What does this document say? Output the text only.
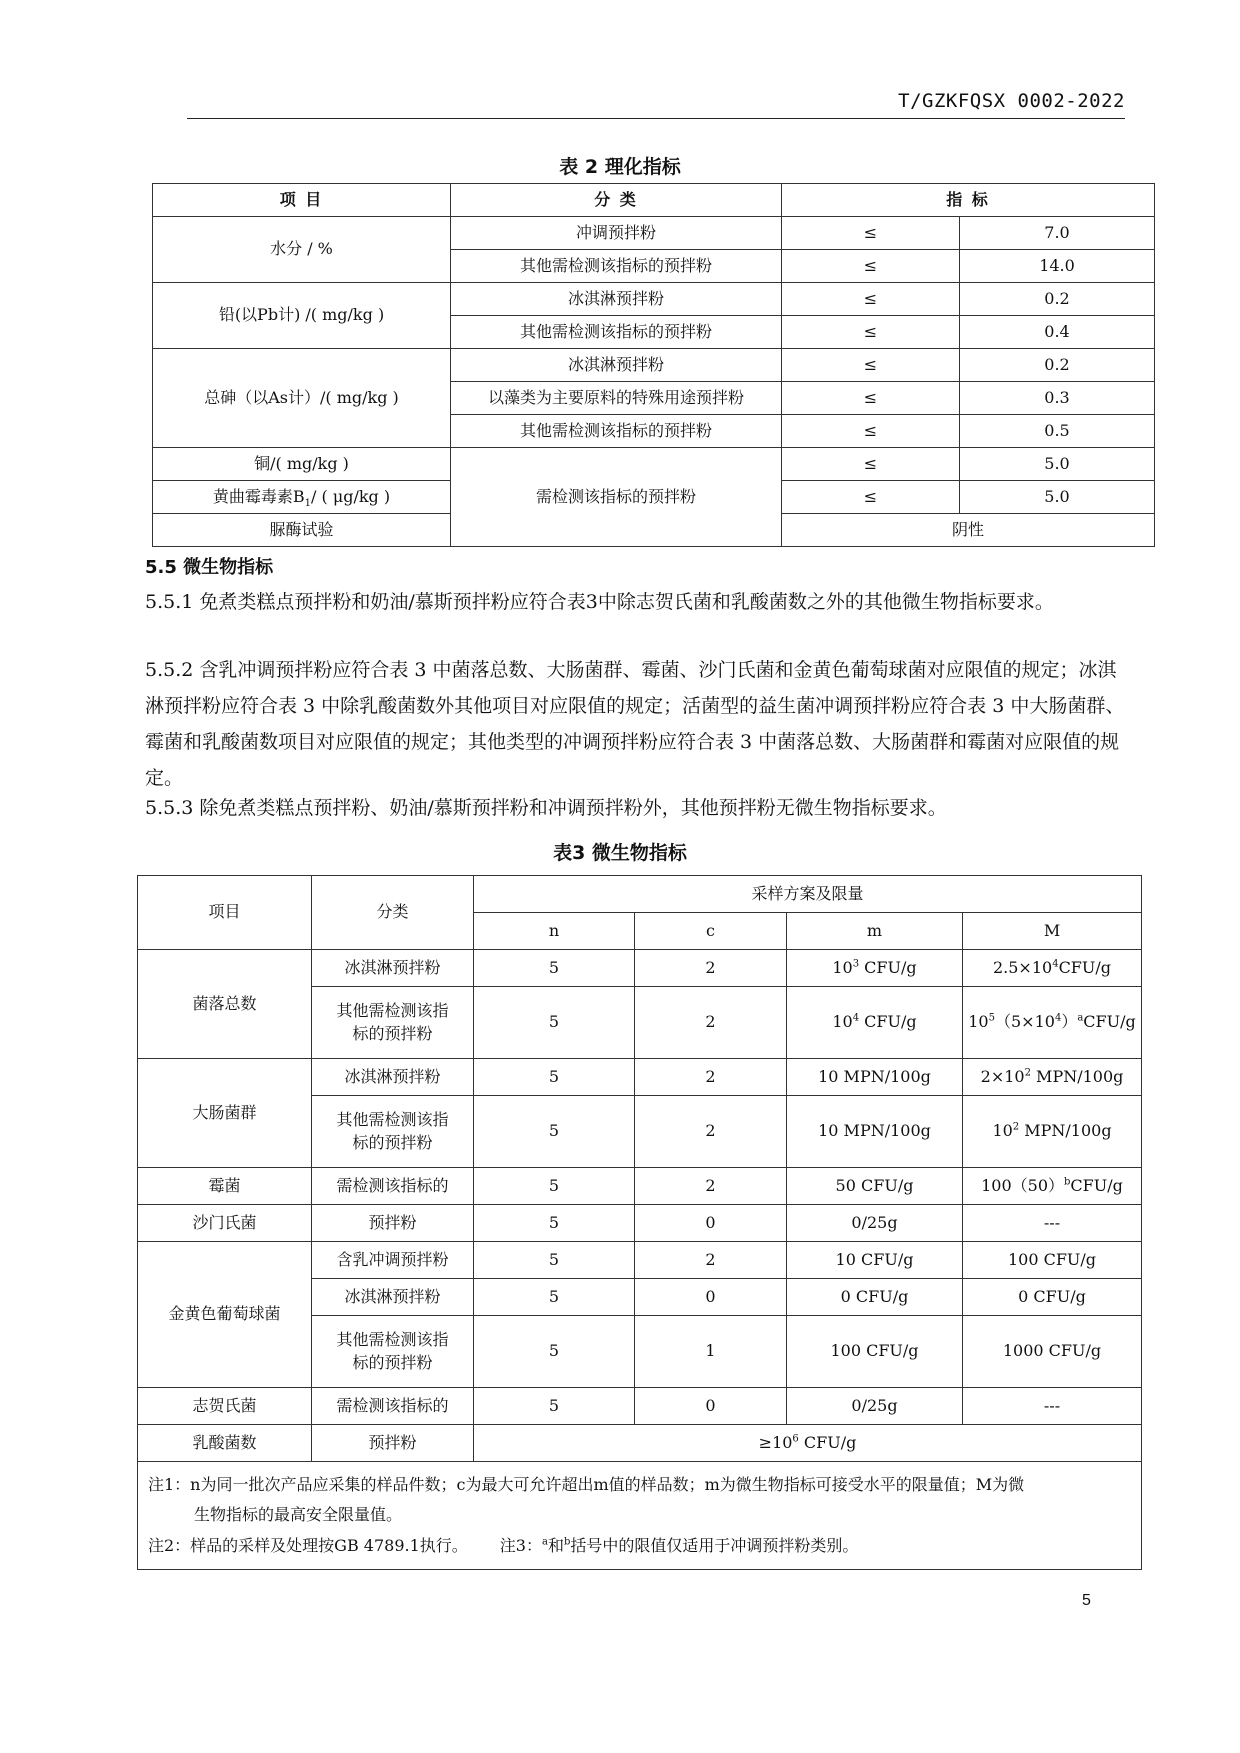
T/GZKFQSX 0002-2022
表 2 理化指标
项 目	分 类	指 标	
水分 / %	冲调预拌粉	≤	7.0
	其他需检测该指标的预拌粉	≤	14.0
铅(以Pb计) /( mg/kg )	冰淇淋预拌粉	≤	0.2
	其他需检测该指标的预拌粉	≤	0.4
总砷（以As计）/( mg/kg )	冰淇淋预拌粉	≤	0.2
	以藻类为主要原料的特殊用途预拌粉	≤	0.3
	其他需检测该指标的预拌粉	≤	0.5
铜/( mg/kg )	需检测该指标的预拌粉	≤	5.0
黄曲霉毒素$B_1/$ ( μg/kg )		≤	5.0
脲酶试验		阴性	
5.5 微生物指标
5.5.1 免煮类糕点预拌粉和奶油/慕斯预拌粉应符合表3中除志贺氏菌和乳酸菌数之外的其他微生物指标要求。
5.5.2 含乳冲调预拌粉应符合表 3 中菌落总数、大肠菌群、霉菌、沙门氏菌和金黄色葡萄球菌对应限值的规定；冰淇淋预拌粉应符合表 3 中除乳酸菌数外其他项目对应限值的规定；活菌型的益生菌冲调预拌粉应符合表 3 中大肠菌群、霉菌和乳酸菌数项目对应限值的规定；其他类型的冲调预拌粉应符合表 3 中菌落总数、大肠菌群和霉菌对应限值的规定。
5.5.3 除免煮类糕点预拌粉、奶油/慕斯预拌粉和冲调预拌粉外，其他预拌粉无微生物指标要求。
表3 微生物指标
项目	分类	采样方案及限量			
		n	c	m	M
菌落总数	冰淇淋预拌粉	5	2	$10^3$ CFU/g	$2.5\times 10^4CFU/g$
	其他需检测该指
标的预拌粉	5	2	$10^4$ CFU/g	$10^5(5\times 10^4)^aCFU/g$
大肠菌群	冰淇淋预拌粉	5	2	10 MPN/100g	$2\times 10^2$ MPN/100g
	其他需检测该指
标的预拌粉	5	2	10 MPN/100g	$10^2$ MPN/100g
霉菌	需检测该指标的	5	2	50 CFU/g	$100(50)^bCFU/g$
沙门氏菌	预拌粉	5	0	0/25g	---
金黄色葡萄球菌	含乳冲调预拌粉	5	2	10 CFU/g	100 CFU/g
	冰淇淋预拌粉	5	0	0 CFU/g	0 CFU/g
	其他需检测该指
标的预拌粉	5	1	100 CFU/g	1000 CFU/g
志贺氏菌	需检测该指标的	5	0	0/25g	---
乳酸菌数	预拌粉	$\ge 10^6$ CFU/g			

注1：n为同一批次产品应采集的样品件数；c为最大可允许超出m值的样品数；m为微生物指标可接受水平的限量值；M为微
生物指标的最高安全限量值。
注2：样品的采样及处理按GB 4789.1执行。 注3：$^a$和$^b$括号中的限值仅适用于冲调预拌粉类别。					
5
